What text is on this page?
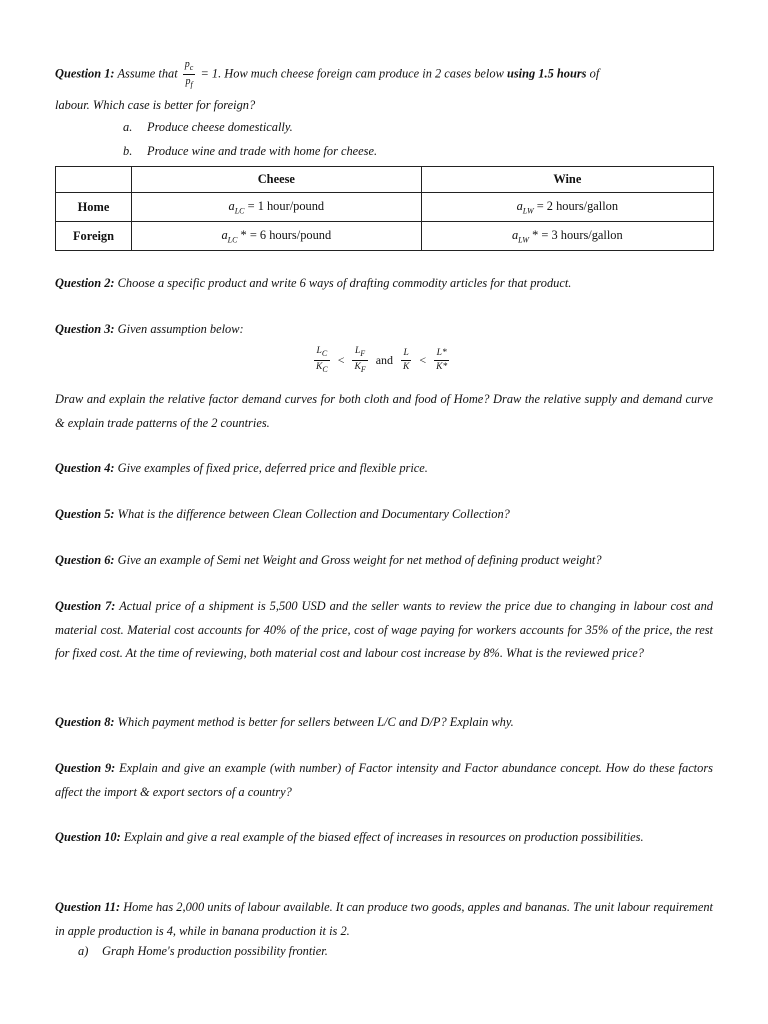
Question 1: Assume that $\frac{p_c}{p_f} = 1$. How much cheese foreign cam produce in 2 cases below using 1.5 hours of

labour. Which case is better for foreign?

a. Produce cheese domestically.

b. Produce wine and trade with home for cheese.

	Cheese	Wine
Home	$a_{LC} = 1$ hour/pound	$a_{LW} = 2$ hours/gallon
Foreign	$a_{LC}$ * = 6 hours/pound	$a_{LW}$ * = 3 hours/gallon

Question 2: Choose a specific product and write 6 ways of drafting commodity articles for that product.

Question 3: Given assumption below:

$\frac{L_C}{K_C} < \frac{L_F}{K_F}$ and $\frac{L}{K} < \frac{L*}{K*}$

Draw and explain the relative factor demand curves for both cloth and food of Home? Draw the relative supply and demand curve & explain trade patterns of the 2 countries.

Question 4: Give examples of fixed price, deferred price and flexible price.

Question 5: What is the difference between Clean Collection and Documentary Collection?

Question 6: Give an example of Semi net Weight and Gross weight for net method of defining product weight?

Question 7: Actual price of a shipment is 5,500 USD and the seller wants to review the price due to changing in labour cost and material cost. Material cost accounts for 40% of the price, cost of wage paying for workers accounts for 35% of the price, the rest for fixed cost. At the time of reviewing, both material cost and labour cost increase by 8%. What is the reviewed price?

Question 8: Which payment method is better for sellers between L/C and D/P? Explain why.

Question 9: Explain and give an example (with number) of Factor intensity and Factor abundance concept. How do these factors affect the import & export sectors of a country?

Question 10: Explain and give a real example of the biased effect of increases in resources on production possibilities.

Question 11: Home has 2,000 units of labour available. It can produce two goods, apples and bananas. The unit labour requirement in apple production is 4, while in banana production it is 2.

a) Graph Home's production possibility frontier.
